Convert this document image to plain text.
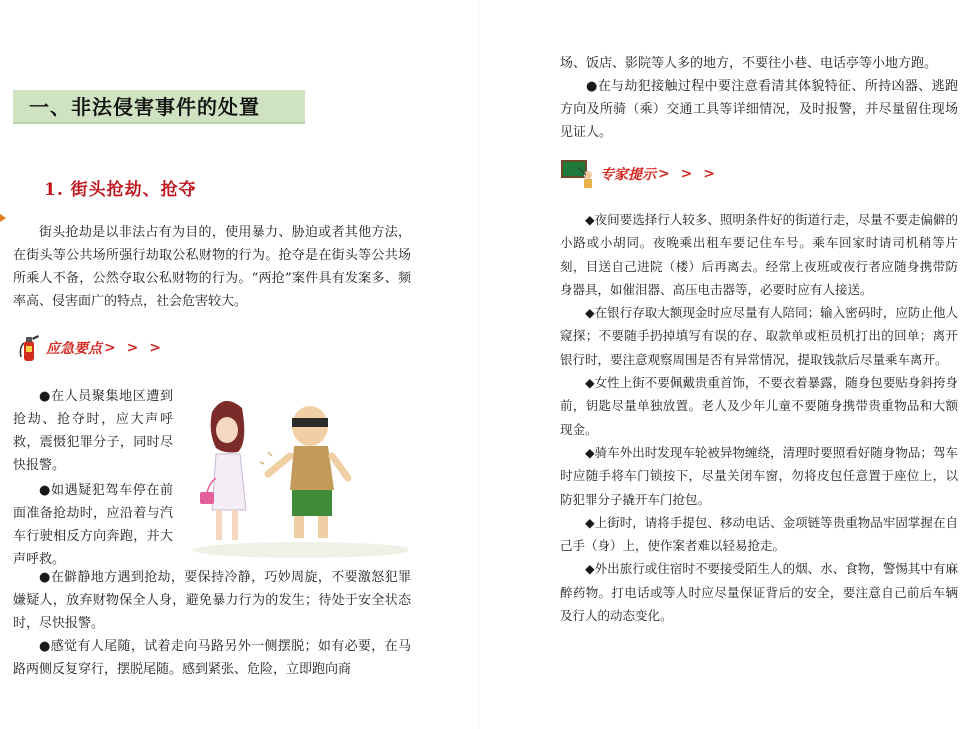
一、非法侵害事件的处置
1. 街头抢劫、抢夺

街头抢劫是以非法占有为目的，使用暴力、胁迫或者其他方法，在街头等公共场所强行劫取公私财物的行为。抢夺是在街头等公共场所乘人不备，公然夺取公私财物的行为。“两抢”案件具有发案多、频率高、侵害面广的特点，社会危害较大。

应急要点 > > >

●在人员聚集地区遭到抢劫、抢夺时，应大声呼救，震慑犯罪分子，同时尽快报警。

●如遇疑犯驾车停在前面准备抢劫时，应沿着与汽车行驶相反方向奔跑，并大声呼救。

●在僻静地方遇到抢劫，要保持冷静，巧妙周旋，不要激怒犯罪嫌疑人，放弃财物保全人身，避免暴力行为的发生；待处于安全状态时，尽快报警。

●感觉有人尾随，试着走向马路另外一侧摆脱；如有必要，在马路两侧反复穿行，摆脱尾随。感到紧张、危险，立即跑向商

场、饭店、影院等人多的地方，不要往小巷、电话亭等小地方跑。
●在与劫犯接触过程中要注意看清其体貌特征、所持凶器、逃跑方向及所骑（乘）交通工具等详细情况，及时报警，并尽量留住现场见证人。

专家提示 > > >

◆夜间要选择行人较多、照明条件好的街道行走，尽量不要走偏僻的小路或小胡同。夜晚乘出租车要记住车号。乘车回家时请司机稍等片刻，目送自己进院（楼）后再离去。经常上夜班或夜行者应随身携带防身器具，如催泪器、高压电击器等，必要时应有人接送。
◆在银行存取大额现金时应尽量有人陪同；输入密码时，应防止他人窥探；不要随手扔掉填写有误的存、取款单或柜员机打出的回单；离开银行时，要注意观察周围是否有异常情况，提取钱款后尽量乘车离开。
◆女性上街不要佩戴贵重首饰，不要衣着暴露，随身包要贴身斜挎身前，钥匙尽量单独放置。老人及少年儿童不要随身携带贵重物品和大额现金。
◆骑车外出时发现车轮被异物缠绕，清理时要照看好随身物品；驾车时应随手将车门锁按下，尽量关闭车窗，勿将皮包任意置于座位上，以防犯罪分子撬开车门抢包。
◆上街时，请将手提包、移动电话、金项链等贵重物品牢固掌握在自己手（身）上，使作案者难以轻易抢走。
◆外出旅行或住宿时不要接受陌生人的烟、水、食物，警惕其中有麻醉药物。打电话或等人时应尽量保证背后的安全，要注意自己前后车辆及行人的动态变化。
